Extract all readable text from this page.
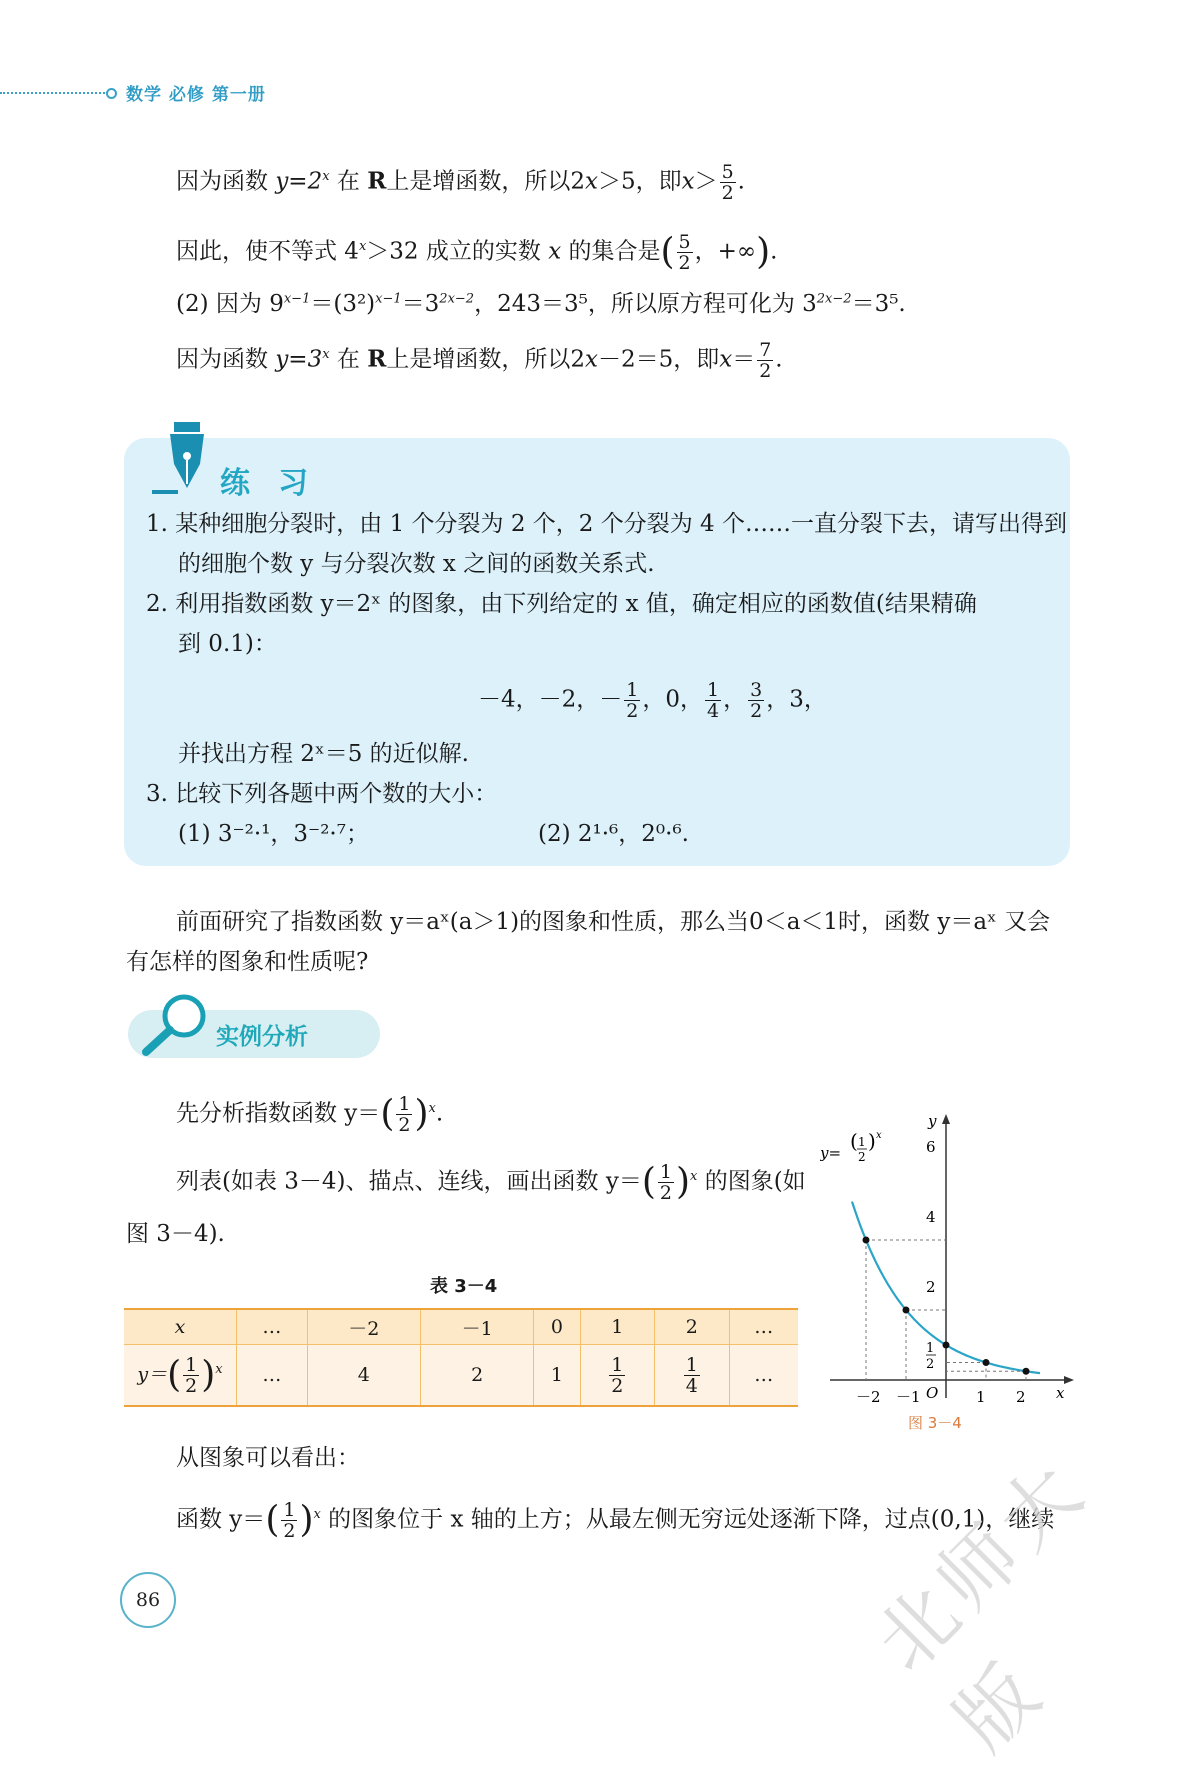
数学 必修 第一册
因为函数 $y=2^x$ 在 R上是增函数，所以2x＞5，即$x> \frac{5}{2}$ .
因此，使不等式 $4^x>32$ 成立的实数 x 的集合是( $\frac{5}{2}$ ，+∞).
(2) 因为 $9^{x-1}=(3^2)^{x-1}=3^{2x-2}$，243＝3⁵，所以原方程可化为 $3^{2x-2}=3^5$.
因为函数 $y=3^x$ 在 R上是增函数，所以2x－2＝5，即$x= \frac{7}{2}$ .
练习
1. 某种细胞分裂时，由 1 个分裂为 2 个，2 个分裂为 4 个……一直分裂下去，请写出得到
的细胞个数 y 与分裂次数 x 之间的函数关系式.
2. 利用指数函数 y＝2ˣ 的图象，由下列给定的 x 值，确定相应的函数值(结果精确
到 0.1)：
－4，－2，－ $\frac{1}{2}$ ，0， $\frac{1}{4}$ ， $\frac{3}{2}$ ，3，
并找出方程 2ˣ＝5 的近似解.
3. 比较下列各题中两个数的大小：
(1) 3⁻²·¹，3⁻²·⁷；	(2) 2¹·⁶，2⁰·⁶.
前面研究了指数函数 y＝aˣ(a＞1)的图象和性质，那么当0＜a＜1时，函数 y＝aˣ 又会
有怎样的图象和性质呢?
实例分析
先分析指数函数 $y=( \frac{1}{2} )^x$.
列表(如表 3－4)、描点、连线，画出函数 $y=( \frac{1}{2} )^x$ 的图象(如
图 3－4).
表 3－4
x	…	－2	－1	0	1	2	…
$y=( \frac{1}{2} )^x$	…	4	2	1	$\frac{1}{2}$	$\frac{1}{4}$	…
y
x
O
6
4
2
1
2
－2 －1	1 2
y= ( 1
2
) x
图 3－4
从图象可以看出：
函数 $y=( \frac{1}{2} )^x$ 的图象位于 x 轴的上方；从最左侧无穷远处逐渐下降，过点(0,1)，继续
86	北师大版
